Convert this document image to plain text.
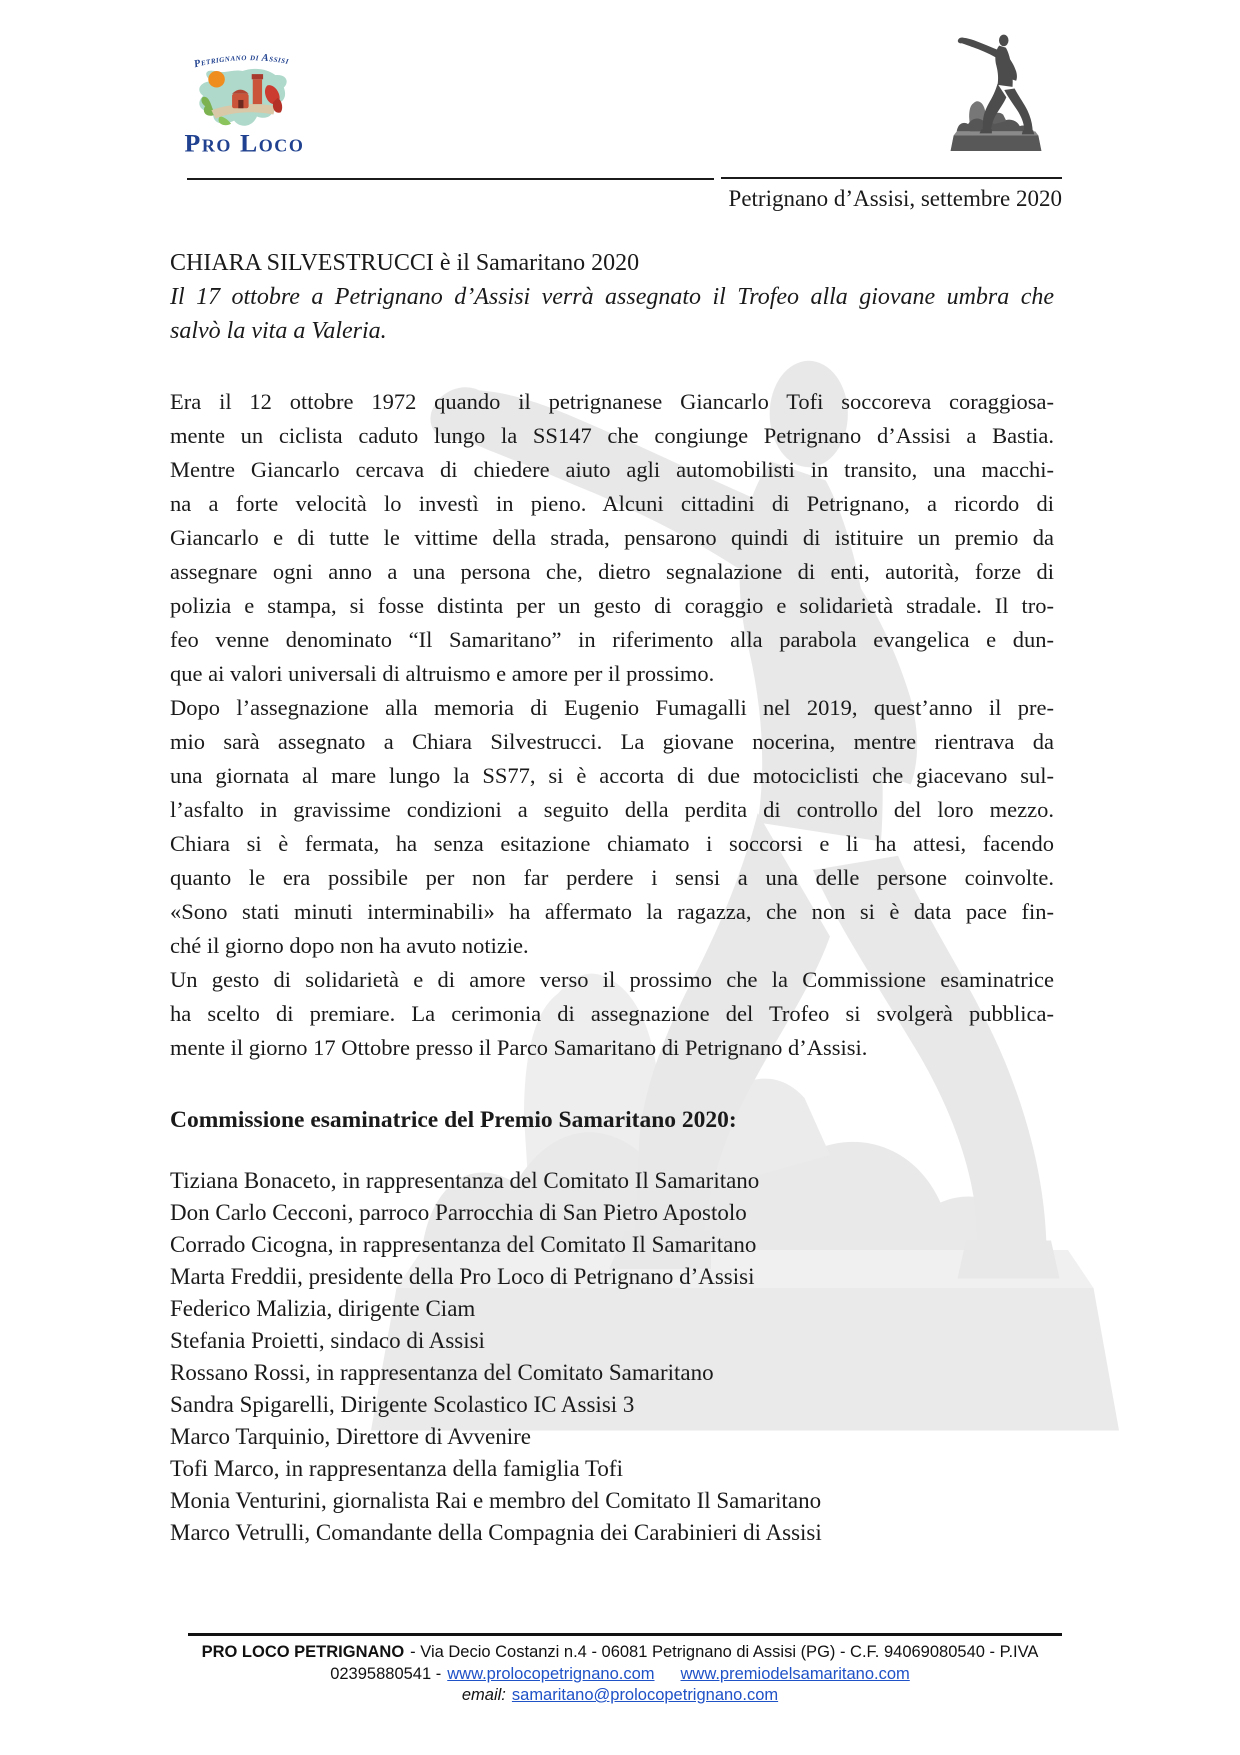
Petrignano di Assisi
Pro Loco
Petrignano d’Assisi, settembre 2020
CHIARA SILVESTRUCCI è il Samaritano 2020
Il 17 ottobre a Petrignano d’Assisi verrà assegnato il Trofeo alla giovane umbra che
salvò la vita a Valeria.
Era il 12 ottobre 1972 quando il petrignanese Giancarlo Tofi soccoreva coraggiosa-
mente un ciclista caduto lungo la SS147 che congiunge Petrignano d’Assisi a Bastia.
Mentre Giancarlo cercava di chiedere aiuto agli automobilisti in transito, una macchi-
na a forte velocità lo investì in pieno. Alcuni cittadini di Petrignano, a ricordo di
Giancarlo e di tutte le vittime della strada, pensarono quindi di istituire un premio da
assegnare ogni anno a una persona che, dietro segnalazione di enti, autorità, forze di
polizia e stampa, si fosse distinta per un gesto di coraggio e solidarietà stradale. Il tro-
feo venne denominato “Il Samaritano” in riferimento alla parabola evangelica e dun-
que ai valori universali di altruismo e amore per il prossimo.
Dopo l’assegnazione alla memoria di Eugenio Fumagalli nel 2019, quest’anno il pre-
mio sarà assegnato a Chiara Silvestrucci. La giovane nocerina, mentre rientrava da
una giornata al mare lungo la SS77, si è accorta di due motociclisti che giacevano sul-
l’asfalto in gravissime condizioni a seguito della perdita di controllo del loro mezzo.
Chiara si è fermata, ha senza esitazione chiamato i soccorsi e li ha attesi, facendo
quanto le era possibile per non far perdere i sensi a una delle persone coinvolte.
«Sono stati minuti interminabili» ha affermato la ragazza, che non si è data pace fin-
ché il giorno dopo non ha avuto notizie.
Un gesto di solidarietà e di amore verso il prossimo che la Commissione esaminatrice
ha scelto di premiare. La cerimonia di assegnazione del Trofeo si svolgerà pubblica-
mente il giorno 17 Ottobre presso il Parco Samaritano di Petrignano d’Assisi.
Commissione esaminatrice del Premio Samaritano 2020:
Tiziana Bonaceto, in rappresentanza del Comitato Il Samaritano
Don Carlo Cecconi, parroco Parrocchia di San Pietro Apostolo
Corrado Cicogna, in rappresentanza del Comitato Il Samaritano
Marta Freddii, presidente della Pro Loco di Petrignano d’Assisi
Federico Malizia, dirigente Ciam
Stefania Proietti, sindaco di Assisi
Rossano Rossi, in rappresentanza del Comitato Samaritano
Sandra Spigarelli, Dirigente Scolastico IC Assisi 3
Marco Tarquinio, Direttore di Avvenire
Tofi Marco, in rappresentanza della famiglia Tofi
Monia Venturini, giornalista Rai e membro del Comitato Il Samaritano
Marco Vetrulli, Comandante della Compagnia dei Carabinieri di Assisi
PRO LOCO PETRIGNANO - Via Decio Costanzi n.4 - 06081 Petrignano di Assisi (PG) - C.F. 94069080540 - P.IVA
02395880541 - www.prolocopetrignano.com www.premiodelsamaritano.com
email: samaritano@prolocopetrignano.com
